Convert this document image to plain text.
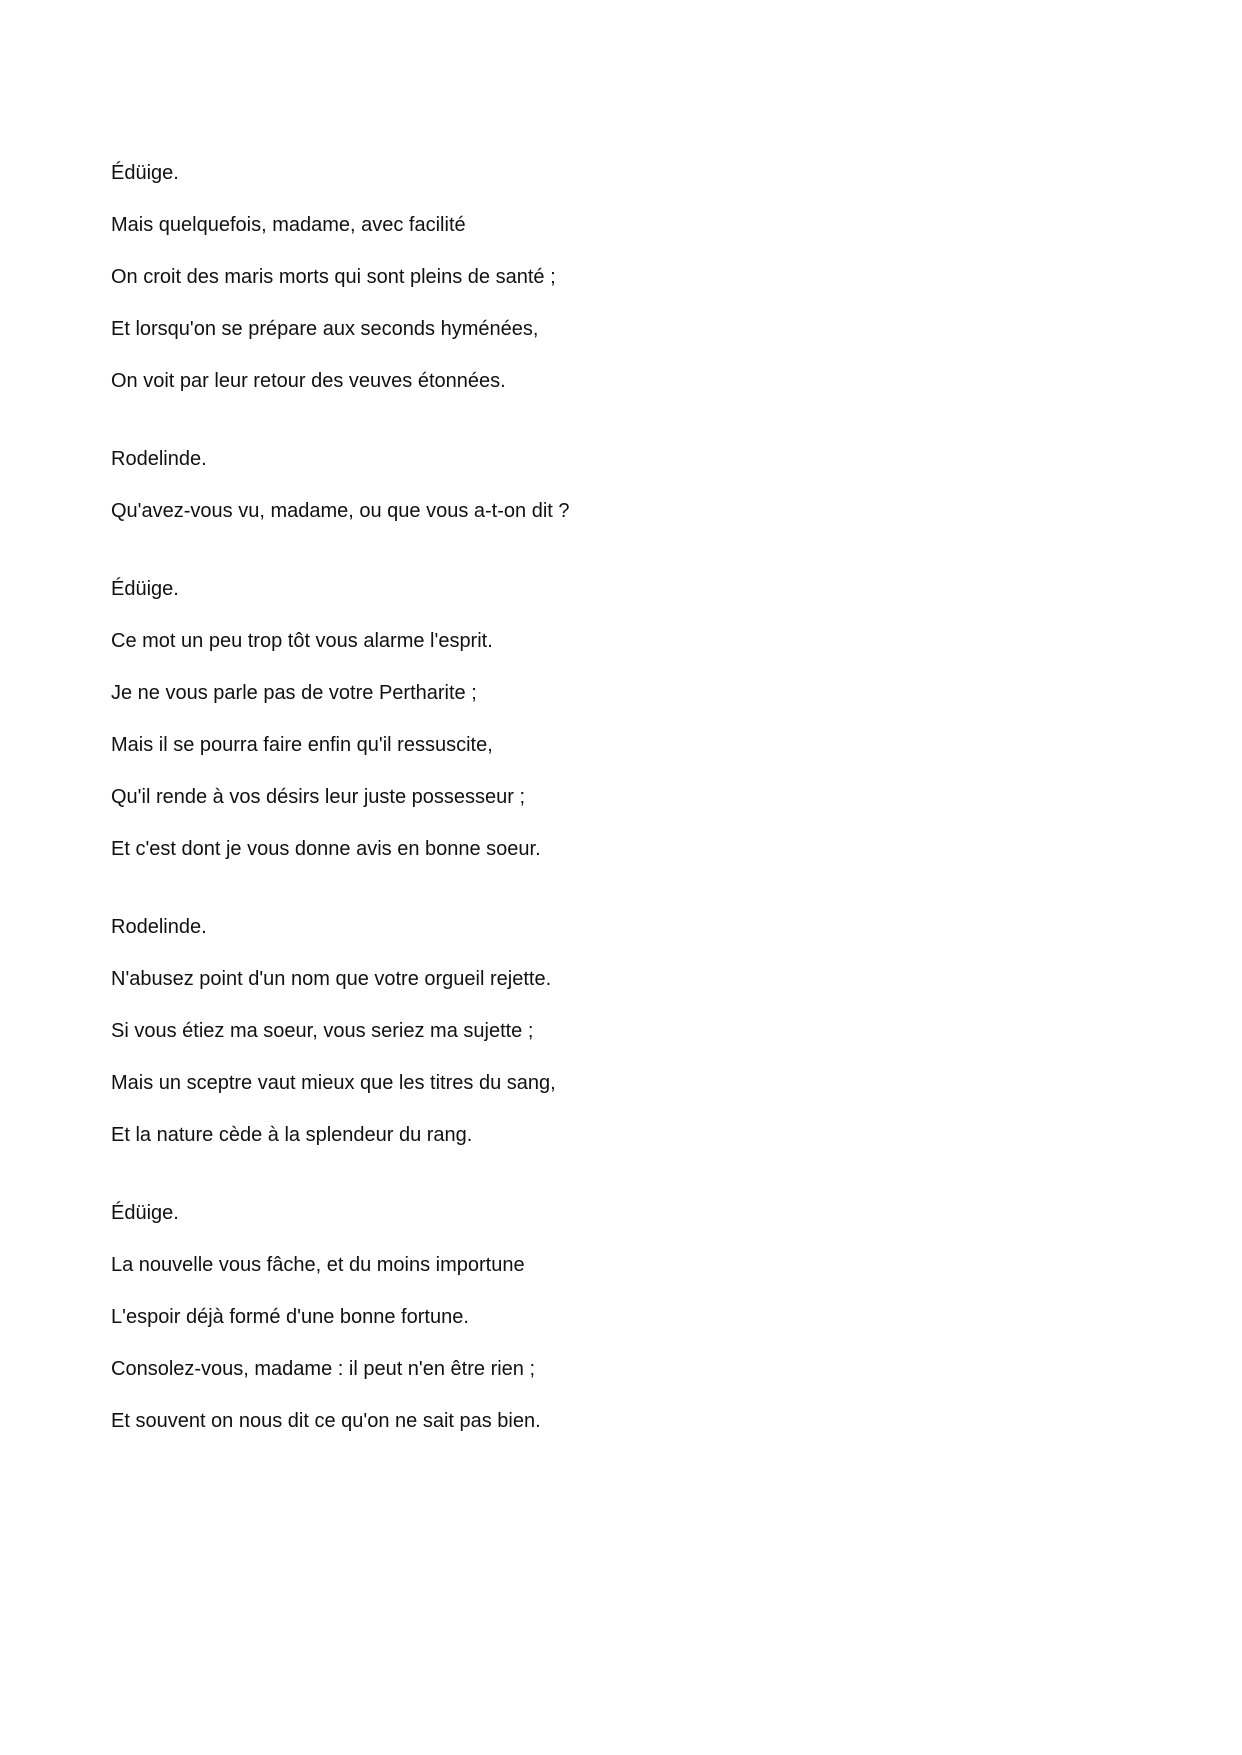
Édüige.
Mais quelquefois, madame, avec facilité
On croit des maris morts qui sont pleins de santé ;
Et lorsqu'on se prépare aux seconds hyménées,
On voit par leur retour des veuves étonnées.
Rodelinde.
Qu'avez-vous vu, madame, ou que vous a-t-on dit ?
Édüige.
Ce mot un peu trop tôt vous alarme l'esprit.
Je ne vous parle pas de votre Pertharite ;
Mais il se pourra faire enfin qu'il ressuscite,
Qu'il rende à vos désirs leur juste possesseur ;
Et c'est dont je vous donne avis en bonne soeur.
Rodelinde.
N'abusez point d'un nom que votre orgueil rejette.
Si vous étiez ma soeur, vous seriez ma sujette ;
Mais un sceptre vaut mieux que les titres du sang,
Et la nature cède à la splendeur du rang.
Édüige.
La nouvelle vous fâche, et du moins importune
L'espoir déjà formé d'une bonne fortune.
Consolez-vous, madame : il peut n'en être rien ;
Et souvent on nous dit ce qu'on ne sait pas bien.
